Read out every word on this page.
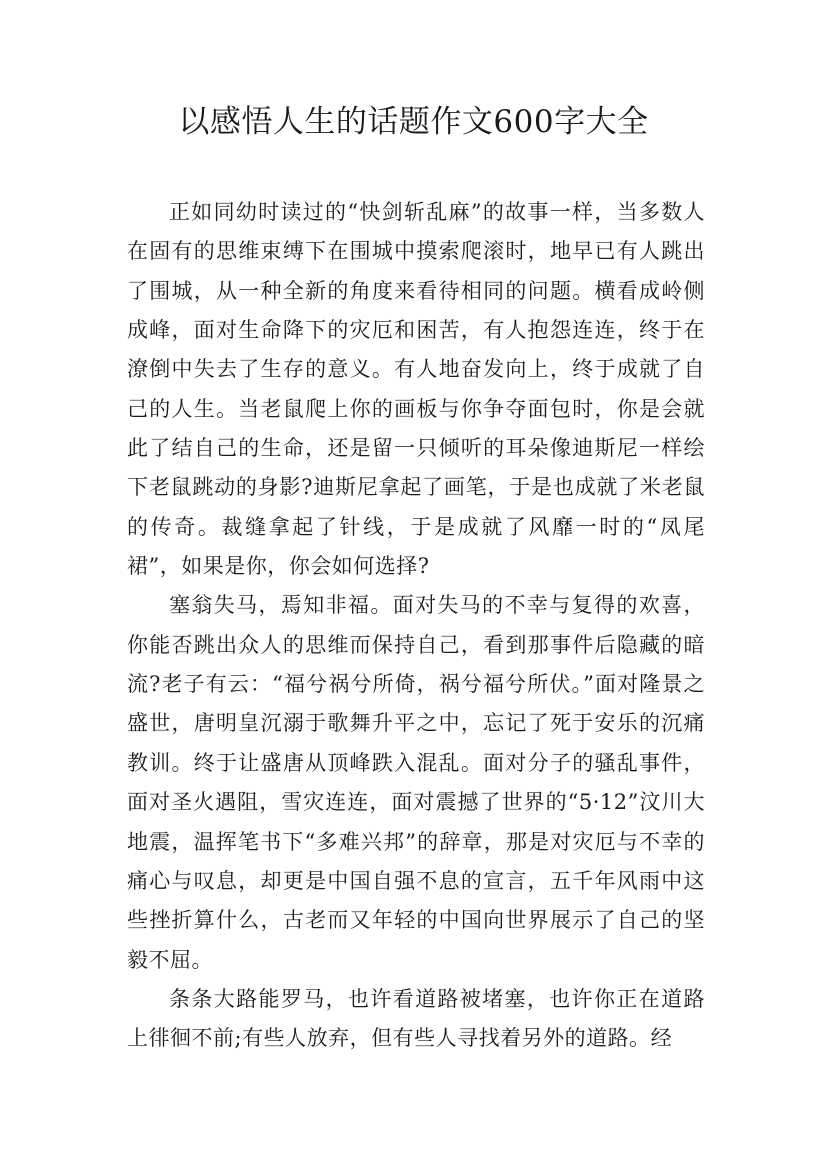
以感悟人生的话题作文600字大全

正如同幼时读过的“快剑斩乱麻”的故事一样，当多数人在固有的思维束缚下在围城中摸索爬滚时，地早已有人跳出了围城，从一种全新的角度来看待相同的问题。横看成岭侧成峰，面对生命降下的灾厄和困苦，有人抱怨连连，终于在潦倒中失去了生存的意义。有人地奋发向上，终于成就了自己的人生。当老鼠爬上你的画板与你争夺面包时，你是会就此了结自己的生命，还是留一只倾听的耳朵像迪斯尼一样绘下老鼠跳动的身影?迪斯尼拿起了画笔，于是也成就了米老鼠的传奇。裁缝拿起了针线，于是成就了风靡一时的“凤尾裙”，如果是你，你会如何选择?

塞翁失马，焉知非福。面对失马的不幸与复得的欢喜，你能否跳出众人的思维而保持自己，看到那事件后隐藏的暗流?老子有云：“福兮祸兮所倚，祸兮福兮所伏。”面对隆景之盛世，唐明皇沉溺于歌舞升平之中，忘记了死于安乐的沉痛教训。终于让盛唐从顶峰跌入混乱。面对分子的骚乱事件，面对圣火遇阻，雪灾连连，面对震撼了世界的“5·12”汶川大地震，温挥笔书下“多难兴邦”的辞章，那是对灾厄与不幸的痛心与叹息，却更是中国自强不息的宣言，五千年风雨中这些挫折算什么，古老而又年轻的中国向世界展示了自己的坚毅不屈。

条条大路能罗马，也许看道路被堵塞，也许你正在道路上徘徊不前;有些人放弃，但有些人寻找着另外的道路。经
